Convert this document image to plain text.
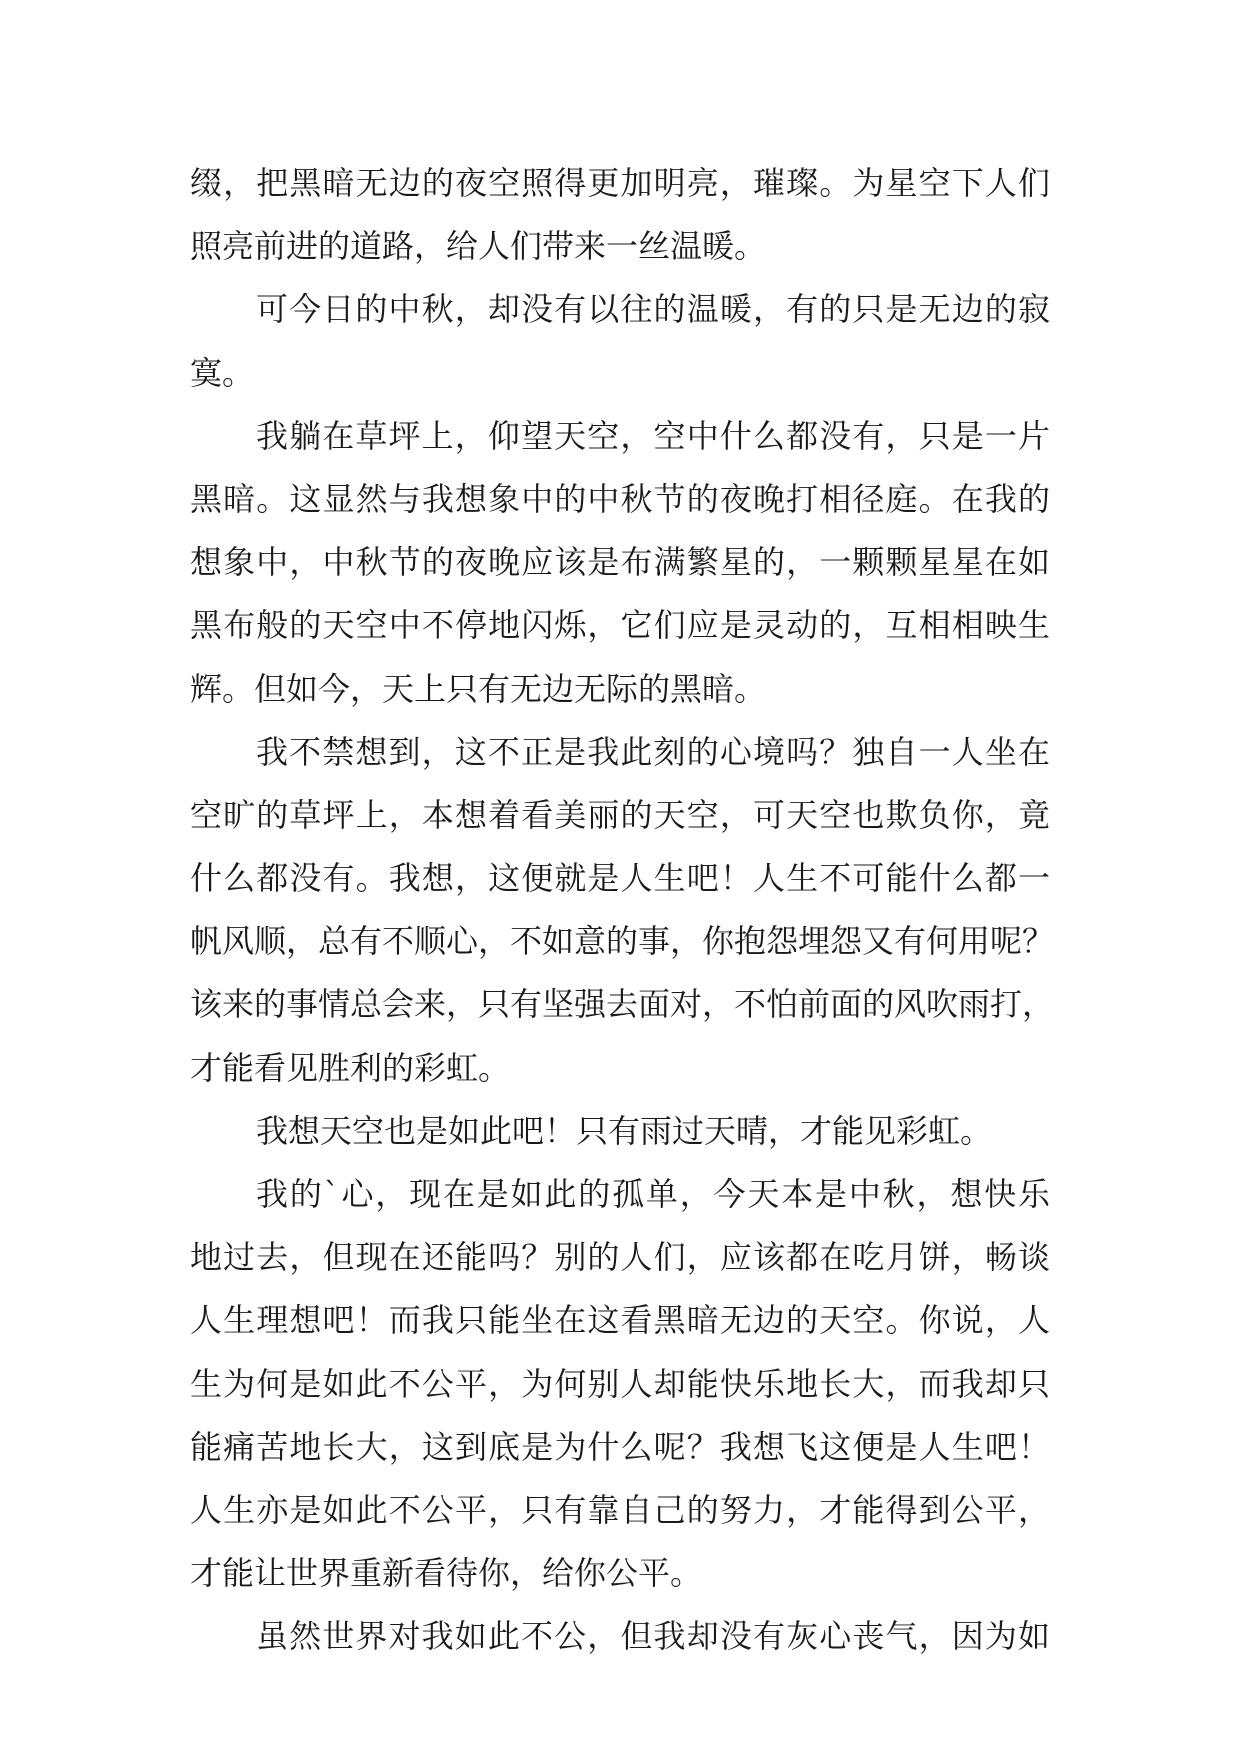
缀，把黑暗无边的夜空照得更加明亮，璀璨。为星空下人们
照亮前进的道路，给人们带来一丝温暖。
可今日的中秋，却没有以往的温暖，有的只是无边的寂
寞。
我躺在草坪上，仰望天空，空中什么都没有，只是一片
黑暗。这显然与我想象中的中秋节的夜晚打相径庭。在我的
想象中，中秋节的夜晚应该是布满繁星的，一颗颗星星在如
黑布般的天空中不停地闪烁，它们应是灵动的，互相相映生
辉。但如今，天上只有无边无际的黑暗。
我不禁想到，这不正是我此刻的心境吗？独自一人坐在
空旷的草坪上，本想着看美丽的天空，可天空也欺负你，竟
什么都没有。我想，这便就是人生吧！人生不可能什么都一
帆风顺，总有不顺心，不如意的事，你抱怨埋怨又有何用呢？
该来的事情总会来，只有坚强去面对，不怕前面的风吹雨打，
才能看见胜利的彩虹。
我想天空也是如此吧！只有雨过天晴，才能见彩虹。
我的`心，现在是如此的孤单，今天本是中秋，想快乐
地过去，但现在还能吗？别的人们，应该都在吃月饼，畅谈
人生理想吧！而我只能坐在这看黑暗无边的天空。你说，人
生为何是如此不公平，为何别人却能快乐地长大，而我却只
能痛苦地长大，这到底是为什么呢？我想飞这便是人生吧！
人生亦是如此不公平，只有靠自己的努力，才能得到公平，
才能让世界重新看待你，给你公平。
虽然世界对我如此不公，但我却没有灰心丧气，因为如
